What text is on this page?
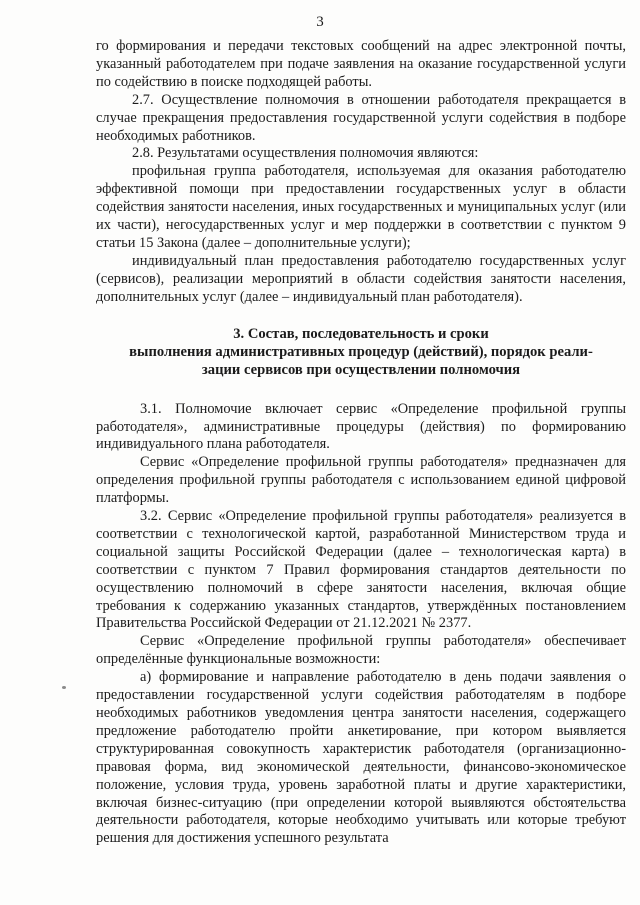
3

го формирования и передачи текстовых сообщений на адрес электронной почты, указанный работодателем при подаче заявления на оказание государственной услуги по содействию в поиске подходящей работы.

2.7. Осуществление полномочия в отношении работодателя прекращается в случае прекращения предоставления государственной услуги содействия в подборе необходимых работников.

2.8. Результатами осуществления полномочия являются:

профильная группа работодателя, используемая для оказания работодателю эффективной помощи при предоставлении государственных услуг в области содействия занятости населения, иных государственных и муниципальных услуг (или их части), негосударственных услуг и мер поддержки в соответствии с пунктом 9 статьи 15 Закона (далее – дополнительные услуги);

индивидуальный план предоставления работодателю государственных услуг (сервисов), реализации мероприятий в области содействия занятости населения, дополнительных услуг (далее – индивидуальный план работодателя).

3. Состав, последовательность и сроки
выполнения административных процедур (действий), порядок реали-
зации сервисов при осуществлении полномочия

3.1. Полномочие включает сервис «Определение профильной группы работодателя», административные процедуры (действия) по формированию индивидуального плана работодателя.

Сервис «Определение профильной группы работодателя» предназначен для определения профильной группы работодателя с использованием единой цифровой платформы.

3.2. Сервис «Определение профильной группы работодателя» реализуется в соответствии с технологической картой, разработанной Министерством труда и социальной защиты Российской Федерации (далее – технологическая карта) в соответствии с пунктом 7 Правил формирования стандартов деятельности по осуществлению полномочий в сфере занятости населения, включая общие требования к содержанию указанных стандартов, утверждённых постановлением Правительства Российской Федерации от 21.12.2021 № 2377.

Сервис «Определение профильной группы работодателя» обеспечивает определённые функциональные возможности:

а) формирование и направление работодателю в день подачи заявления о предоставлении государственной услуги содействия работодателям в подборе необходимых работников уведомления центра занятости населения, содержащего предложение работодателю пройти анкетирование, при котором выявляется структурированная совокупность характеристик работодателя (организационно-правовая форма, вид экономической деятельности, финансово-экономическое положение, условия труда, уровень заработной платы и другие характеристики, включая бизнес-ситуацию (при определении которой выявляются обстоятельства деятельности работодателя, которые необходимо учитывать или которые требуют решения для достижения успешного результата
